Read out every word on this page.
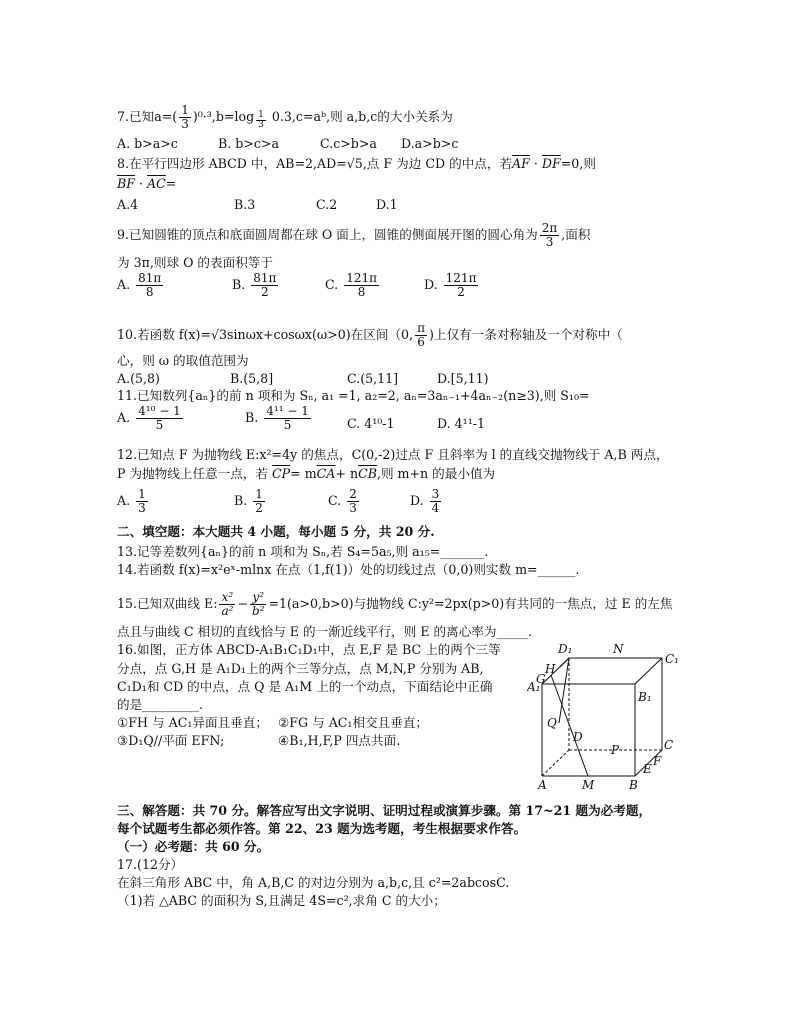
7.已知$a=( \frac{1}{3} )^0\cdot^3,b=\log \frac{1}{3}$ 0.3,c=aᵇ,则 a,b,c的大小关系为
A. b>a>c	B. b>c>a	C.c>b>a D.a>b>c
8.在平行四边形 ABCD 中，AB=2,AD=√5,点 F 为边 CD 的中点，若$\overline{AF} \cdot \overline{DF}=0$,则
$\overline{BF} \cdot \overline{AC}=$
A.4	B.3	C.2	D.1
9.已知圆锥的顶点和底面圆周都在球 O 面上，圆锥的侧面展开图的圆心角为 $\frac{2\pi}{3}$ ,面积
为 3π,则球 O 的表面积等于
A. $\frac{81\pi}{8}$	B. $\frac{81\pi}{2}$	C. $\frac{121\pi}{8}$	D. $\frac{121\pi}{2}$
10.若函数 f(x)=√3sinωx+cosωx(ω>0)在区间（0, $\frac{\pi}{6}$ )上仅有一条对称轴及一个对称中（
心，则 ω 的取值范围为
A.(5,8)	B.(5,8]	C.(5,11]	D.[5,11)
11.已知数列{aₙ}的前 n 项和为 Sₙ, a₁ =1, a₂=2, aₙ=3aₙ₋₁+4aₙ₋₂(n≥3),则 S₁₀=
A. $\frac{\text{4¹⁰ − 1}}{5}$	B. $\frac{\text{4¹¹ − 1}}{5}$	C. 4¹⁰-1	D. 4¹¹-1
12.已知点 F 为抛物线 E:x²=4y 的焦点，C(0,-2)过点 F 且斜率为 l 的直线交抛物线于 A,B 两点，
P 为抛物线上任意一点，若 $\overline{CP}= m\overline{CA}+ n\overline{CB}$,则 m+n 的最小值为
A. $\frac{1}{3}$	B. $\frac{1}{2}$	C. $\frac{2}{3}$	D. $\frac{3}{4}$
二、填空题：本大题共 4 小题，每小题 5 分，共 20 分.
13.记等差数列{aₙ}的前 n 项和为 Sₙ,若 S₄=5a₅,则 a₁₅=_______.
14.若函数 f(x)=x²eˣ-mlnx 在点（1,f(1)）处的切线过点（0,0)则实数 m=______.
15.已知双曲线 E: $\frac{\text{x²}}{\text{a²}} - \frac{\text{y²}}{\text{b²}} =1(a>0,b>0)$与抛物线 C:y²=2px(p>0)有共同的一焦点，过 E 的左焦
点且与曲线 C 相切的直线恰与 E 的一渐近线平行，则 E 的离心率为_____.
16.如图，正方体 ABCD-A₁B₁C₁D₁中，点 E,F 是 BC 上的两个三等
分点，点 G,H 是 A₁D₁上的两个三等分点，点 M,N,P 分别为 AB,
C₁D₁和 CD 的中点，点 Q 是 A₁M 上的一个动点，下面结论中正确
的是_________.
①FH 与 AC₁异面且垂直； ②FG 与 AC₁相交且垂直；
③D₁Q//平面 EFN;	④B₁,H,F,P 四点共面.
D₁	N
C₁
H
G
A₁
B₁
Q
D
P	C
F
E
A	M	B
三、解答题：共 70 分。解答应写出文字说明、证明过程或演算步骤。第 17~21 题为必考题，
每个试题考生都必须作答。第 22、23 题为选考题，考生根据要求作答。
（一）必考题：共 60 分。
17.(12分）
在斜三角形 ABC 中，角 A,B,C 的对边分别为 a,b,c,且 c²=2abcosC.
（1)若 △ABC 的面积为 S,且满足 4S=c²,求角 C 的大小；
